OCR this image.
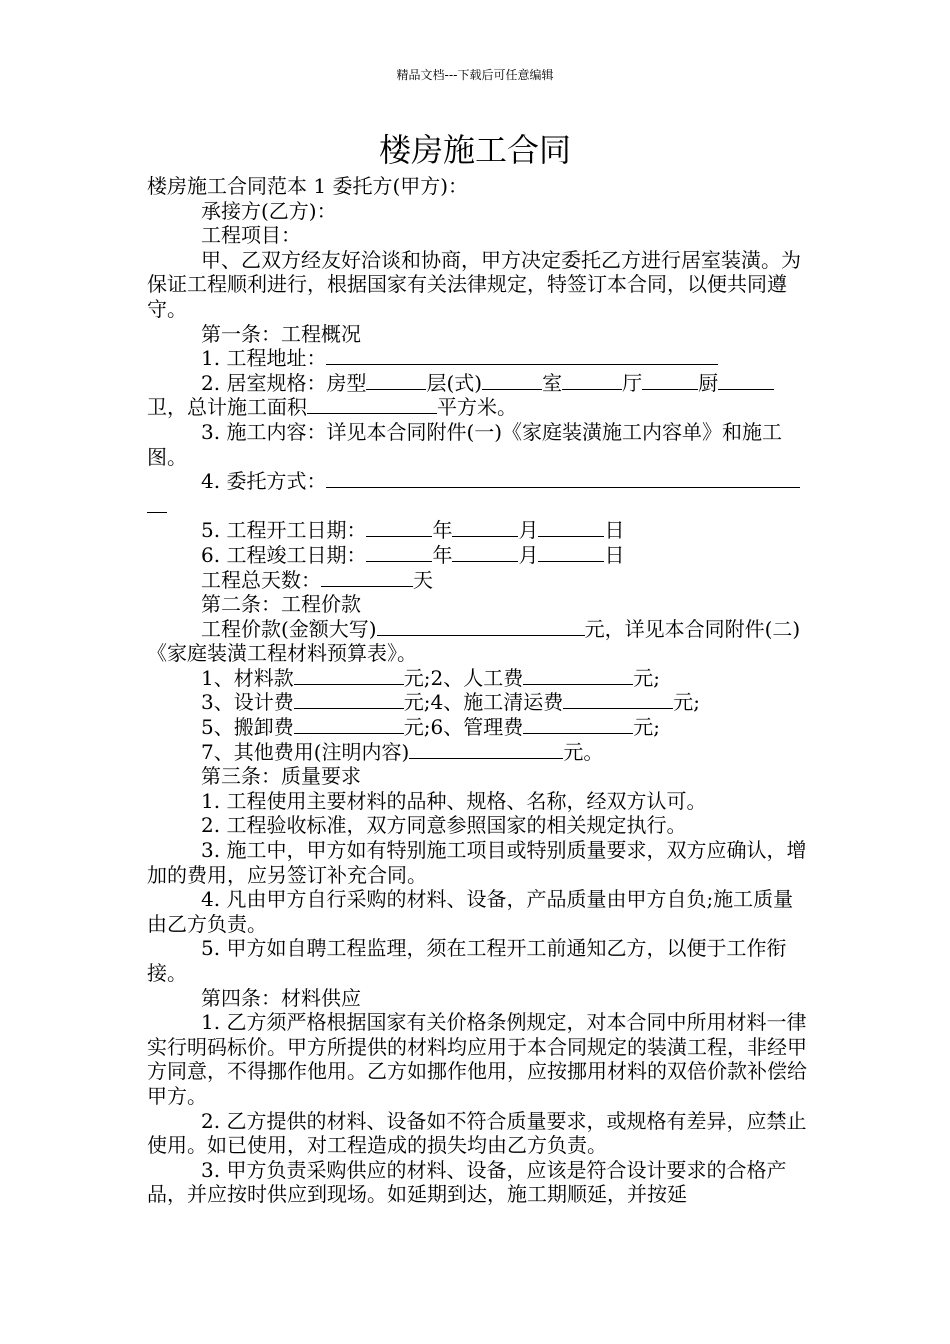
精品文档---下载后可任意编辑
楼房施工合同

楼房施工合同范本 1 委托方(甲方)：

承接方(乙方)：

工程项目：

甲、乙双方经友好洽谈和协商，甲方决定委托乙方进行居室装潢。为保证工程顺利进行，根据国家有关法律规定，特签订本合同，以便共同遵守。

第一条：工程概况

1. 工程地址：

2. 居室规格：房型	层(式)	室	厅	厨卫，总计施工面积	平方米。

3. 施工内容：详见本合同附件(一)《家庭装潢施工内容单》和施工图。

4. 委托方式：

5. 工程开工日期：	年	月	日

6. 工程竣工日期：	年	月	日

工程总天数：	天

第二条：工程价款

工程价款(金额大写)	元，详见本合同附件(二)《家庭装潢工程材料预算表》。

1、材料款	元;2、人工费	元;

3、设计费	元;4、施工清运费	元;

5、搬卸费	元;6、管理费	元;

7、其他费用(注明内容)	元。

第三条：质量要求

1. 工程使用主要材料的品种、规格、名称，经双方认可。

2. 工程验收标准，双方同意参照国家的相关规定执行。

3. 施工中，甲方如有特别施工项目或特别质量要求，双方应确认，增加的费用，应另签订补充合同。

4. 凡由甲方自行采购的材料、设备，产品质量由甲方自负;施工质量由乙方负责。

5. 甲方如自聘工程监理，须在工程开工前通知乙方，以便于工作衔接。

第四条：材料供应

1. 乙方须严格根据国家有关价格条例规定，对本合同中所用材料一律实行明码标价。甲方所提供的材料均应用于本合同规定的装潢工程，非经甲方同意，不得挪作他用。乙方如挪作他用，应按挪用材料的双倍价款补偿给甲方。

2. 乙方提供的材料、设备如不符合质量要求，或规格有差异，应禁止使用。如已使用，对工程造成的损失均由乙方负责。

3. 甲方负责采购供应的材料、设备，应该是符合设计要求的合格产品，并应按时供应到现场。如延期到达，施工期顺延，并按延
